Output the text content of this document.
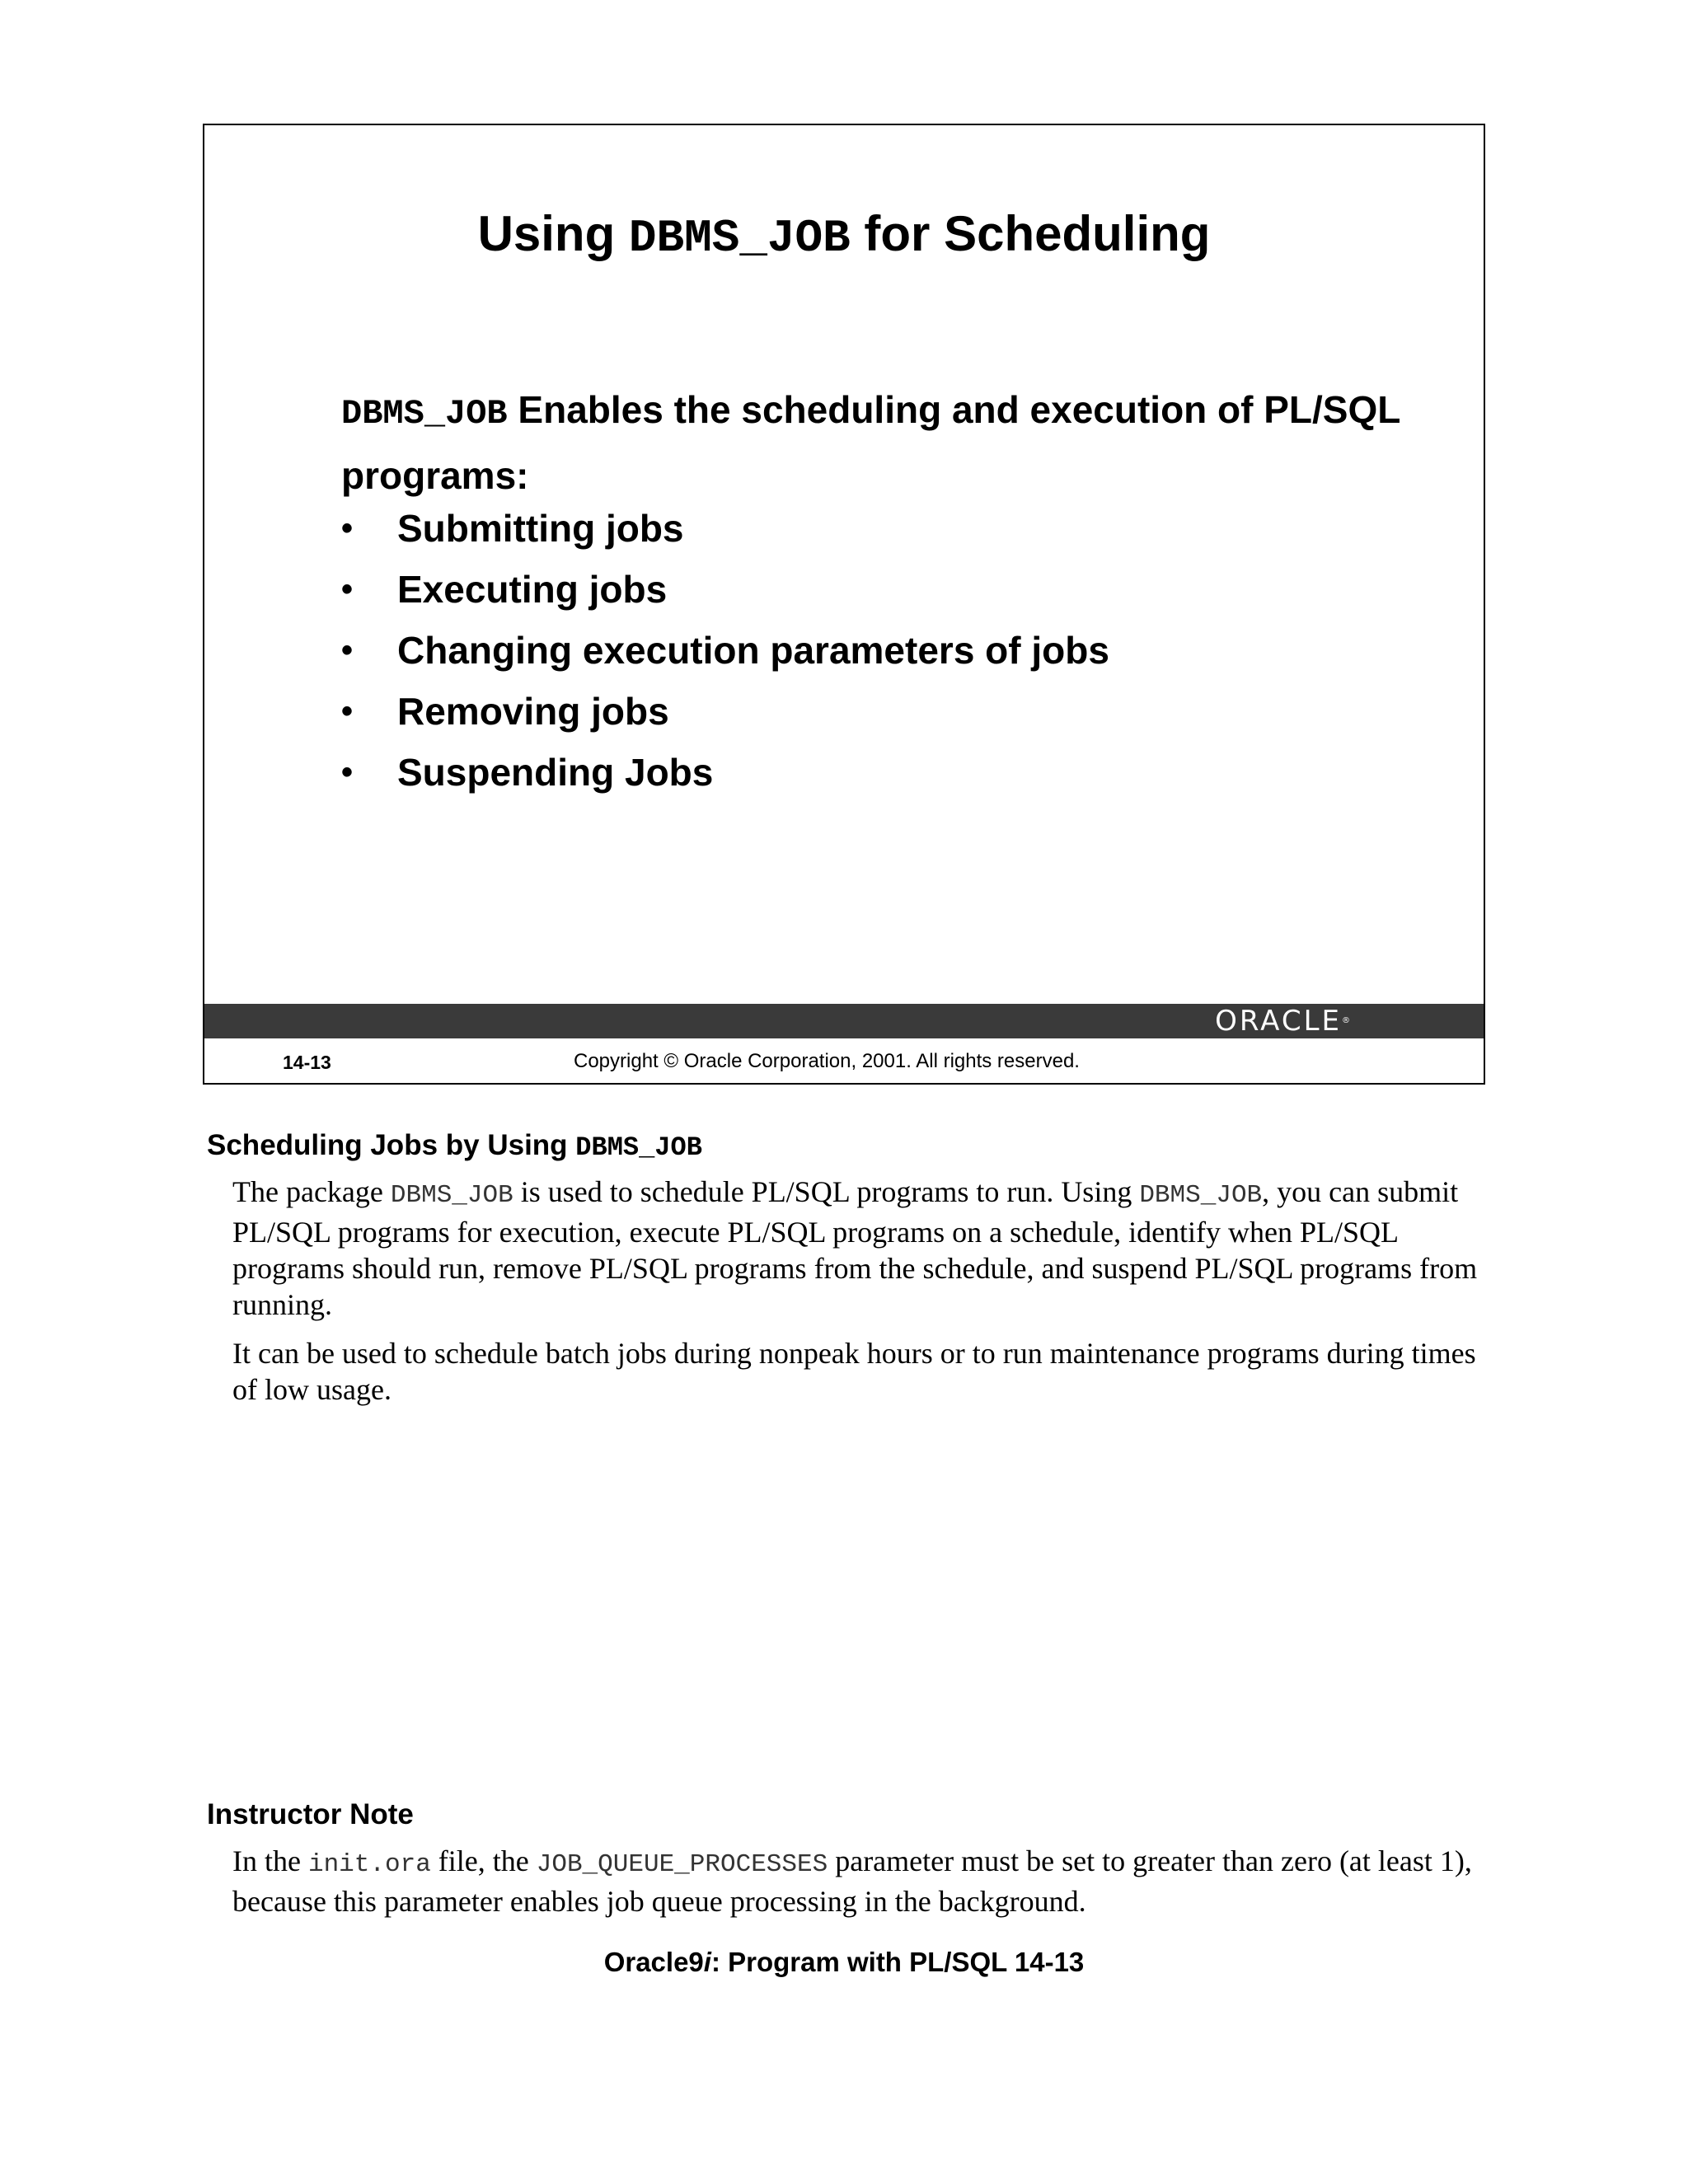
Using DBMS_JOB for Scheduling
DBMS_JOB Enables the scheduling and execution of PL/SQL programs:
• Submitting jobs
• Executing jobs
• Changing execution parameters of jobs
• Removing jobs
• Suspending Jobs
ORACLE®
14-13	Copyright © Oracle Corporation, 2001. All rights reserved.
Scheduling Jobs by Using DBMS_JOB
The package DBMS_JOB is used to schedule PL/SQL programs to run. Using DBMS_JOB, you can submit PL/SQL programs for execution, execute PL/SQL programs on a schedule, identify when PL/SQL programs should run, remove PL/SQL programs from the schedule, and suspend PL/SQL programs from running.
It can be used to schedule batch jobs during nonpeak hours or to run maintenance programs during times of low usage.
Instructor Note
In the init.ora file, the JOB_QUEUE_PROCESSES parameter must be set to greater than zero (at least 1), because this parameter enables job queue processing in the background.
Oracle9i: Program with PL/SQL 14-13
